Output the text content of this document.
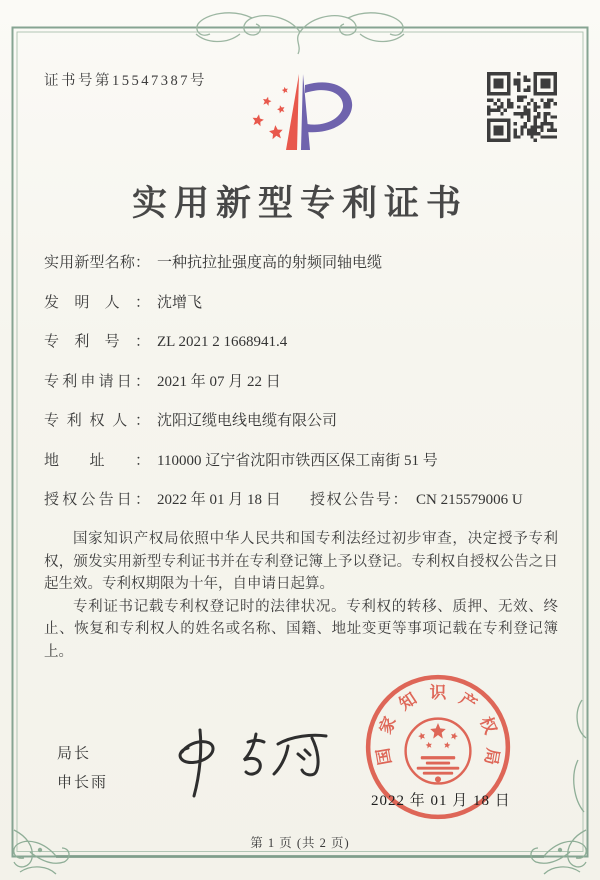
证书号第15547387号
实用新型专利证书
实用新型名称： 一种抗拉扯强度高的射频同轴电缆
发明人： 沈增飞
专利号： ZL 2021 2 1668941.4
专利申请日： 2021 年 07 月 22 日
专利权人： 沈阳辽缆电线电缆有限公司
地址： 110000 辽宁省沈阳市铁西区保工南街 51 号
授权公告日： 2022 年 01 月 18 日 授权公告号： CN 215579006 U

国家知识产权局依照中华人民共和国专利法经过初步审查，决定授予专利权，颁发实用新型专利证书并在专利登记簿上予以登记。专利权自授权公告之日起生效。专利权期限为十年，自申请日起算。

专利证书记载专利权登记时的法律状况。专利权的转移、质押、无效、终止、恢复和专利权人的姓名或名称、国籍、地址变更等事项记载在专利登记簿上。

局长
申长雨
国
家
知 识 产
权
局
2022 年 01 月 18 日
第 1 页 (共 2 页)
